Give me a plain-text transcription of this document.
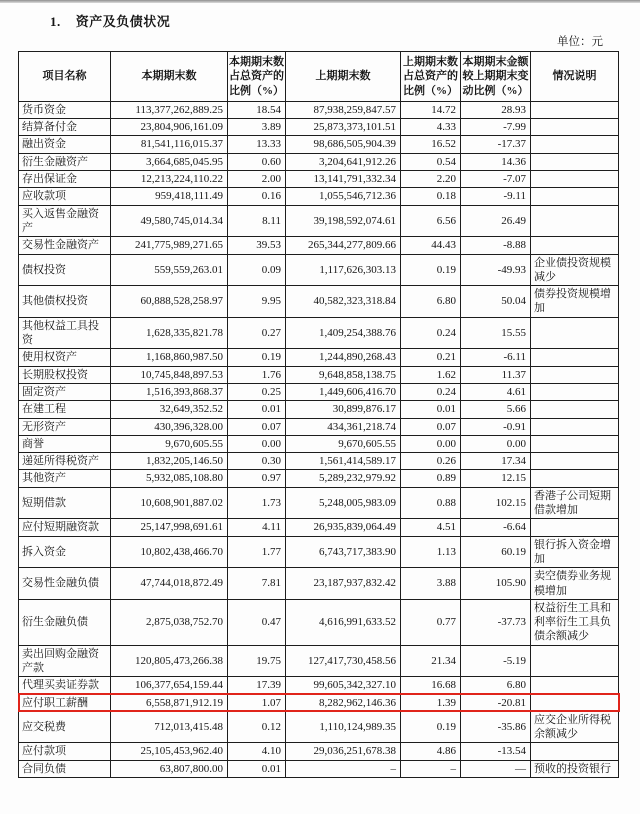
1. 资产及负债状况
单位：元
项目名称	本期期末数	本期期末数占总资产的比例（%）	上期期末数	上期期末数占总资产的比例（%）	本期期末金额较上期期末变动比例（%）	情况说明
货币资金	113,377,262,889.25	18.54	87,938,259,847.57	14.72	28.93	
结算备付金	23,804,906,161.09	3.89	25,873,373,101.51	4.33	-7.99	
融出资金	81,541,116,015.37	13.33	98,686,505,904.39	16.52	-17.37	
衍生金融资产	3,664,685,045.95	0.60	3,204,641,912.26	0.54	14.36	
存出保证金	12,213,224,110.22	2.00	13,141,791,332.34	2.20	-7.07	
应收款项	959,418,111.49	0.16	1,055,546,712.36	0.18	-9.11	
买入返售金融资产	49,580,745,014.34	8.11	39,198,592,074.61	6.56	26.49	
交易性金融资产	241,775,989,271.65	39.53	265,344,277,809.66	44.43	-8.88	
债权投资	559,559,263.01	0.09	1,117,626,303.13	0.19	-49.93	企业债投资规模减少
其他债权投资	60,888,528,258.97	9.95	40,582,323,318.84	6.80	50.04	债券投资规模增加
其他权益工具投资	1,628,335,821.78	0.27	1,409,254,388.76	0.24	15.55	
使用权资产	1,168,860,987.50	0.19	1,244,890,268.43	0.21	-6.11	
长期股权投资	10,745,848,897.53	1.76	9,648,858,138.75	1.62	11.37	
固定资产	1,516,393,868.37	0.25	1,449,606,416.70	0.24	4.61	
在建工程	32,649,352.52	0.01	30,899,876.17	0.01	5.66	
无形资产	430,396,328.00	0.07	434,361,218.74	0.07	-0.91	
商誉	9,670,605.55	0.00	9,670,605.55	0.00	0.00	
递延所得税资产	1,832,205,146.50	0.30	1,561,414,589.17	0.26	17.34	
其他资产	5,932,085,108.80	0.97	5,289,232,979.92	0.89	12.15	
短期借款	10,608,901,887.02	1.73	5,248,005,983.09	0.88	102.15	香港子公司短期借款增加
应付短期融资款	25,147,998,691.61	4.11	26,935,839,064.49	4.51	-6.64	
拆入资金	10,802,438,466.70	1.77	6,743,717,383.90	1.13	60.19	银行拆入资金增加
交易性金融负债	47,744,018,872.49	7.81	23,187,937,832.42	3.88	105.90	卖空债券业务规模增加
衍生金融负债	2,875,038,752.70	0.47	4,616,991,633.52	0.77	-37.73	权益衍生工具和利率衍生工具负债余额减少
卖出回购金融资产款	120,805,473,266.38	19.75	127,417,730,458.56	21.34	-5.19	
代理买卖证券款	106,377,654,159.44	17.39	99,605,342,327.10	16.68	6.80	
应付职工薪酬	6,558,871,912.19	1.07	8,282,962,146.36	1.39	-20.81	
应交税费	712,013,415.48	0.12	1,110,124,989.35	0.19	-35.86	应交企业所得税余额减少
应付款项	25,105,453,962.40	4.10	29,036,251,678.38	4.86	-13.54	
合同负债	63,807,800.00	0.01	–	–	—	预收的投资银行
